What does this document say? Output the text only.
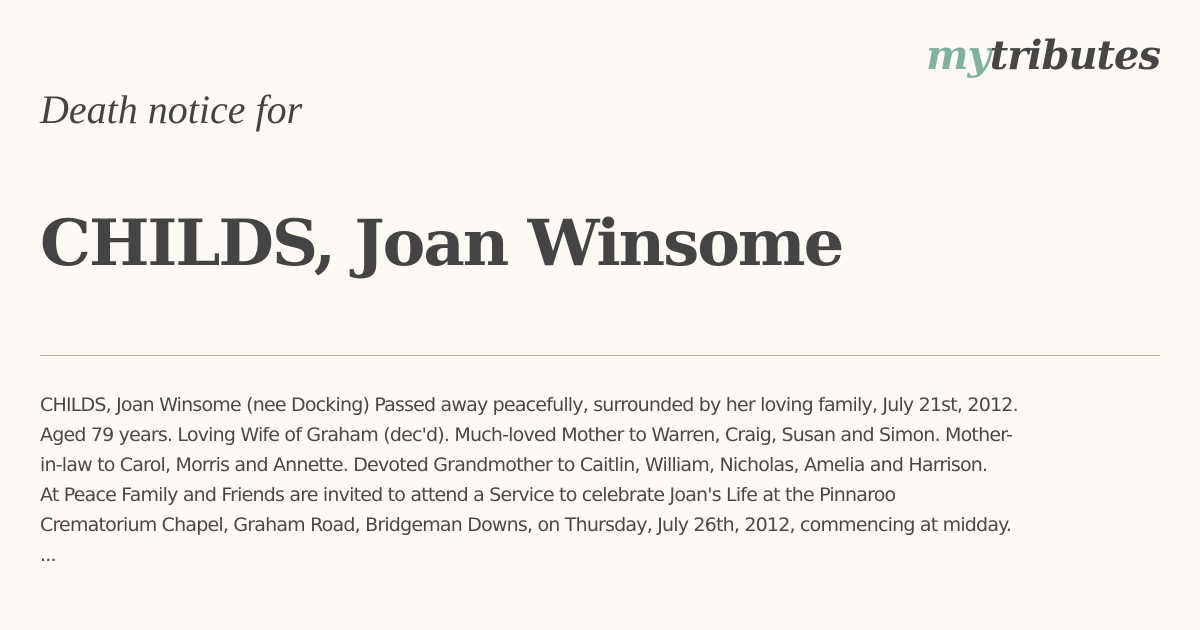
mytributes
Death notice for
CHILDS, Joan Winsome

CHILDS, Joan Winsome (nee Docking) Passed away peacefully, surrounded by her loving family, July 21st, 2012.
Aged 79 years. Loving Wife of Graham (dec'd). Much-loved Mother to Warren, Craig, Susan and Simon. Mother-
in-law to Carol, Morris and Annette. Devoted Grandmother to Caitlin, William, Nicholas, Amelia and Harrison.
At Peace Family and Friends are invited to attend a Service to celebrate Joan's Life at the Pinnaroo
Crematorium Chapel, Graham Road, Bridgeman Downs, on Thursday, July 26th, 2012, commencing at midday.
...
